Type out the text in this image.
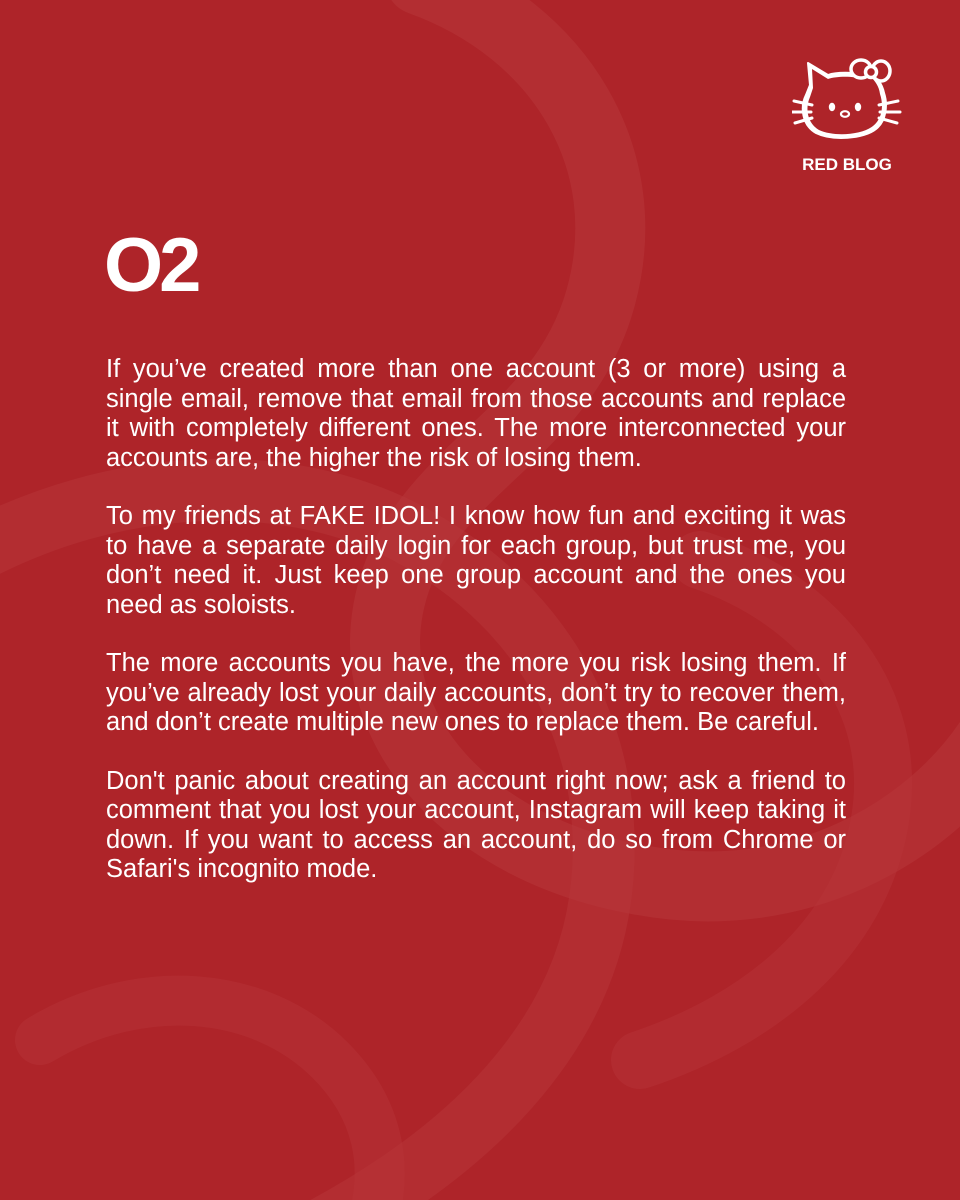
RED BLOG
O2

If you’ve created more than one account (3 or more) using a single email, remove that email from those accounts and replace it with completely different ones. The more interconnected your accounts are, the higher the risk of losing them.

To my friends at FAKE IDOL! I know how fun and exciting it was to have a separate daily login for each group, but trust me, you don’t need it. Just keep one group account and the ones you need as soloists.

The more accounts you have, the more you risk losing them. If you’ve already lost your daily accounts, don’t try to recover them, and don’t create multiple new ones to replace them. Be careful.

Don't panic about creating an account right now; ask a friend to comment that you lost your account, Instagram will keep taking it down. If you want to access an account, do so from Chrome or Safari's incognito mode.
